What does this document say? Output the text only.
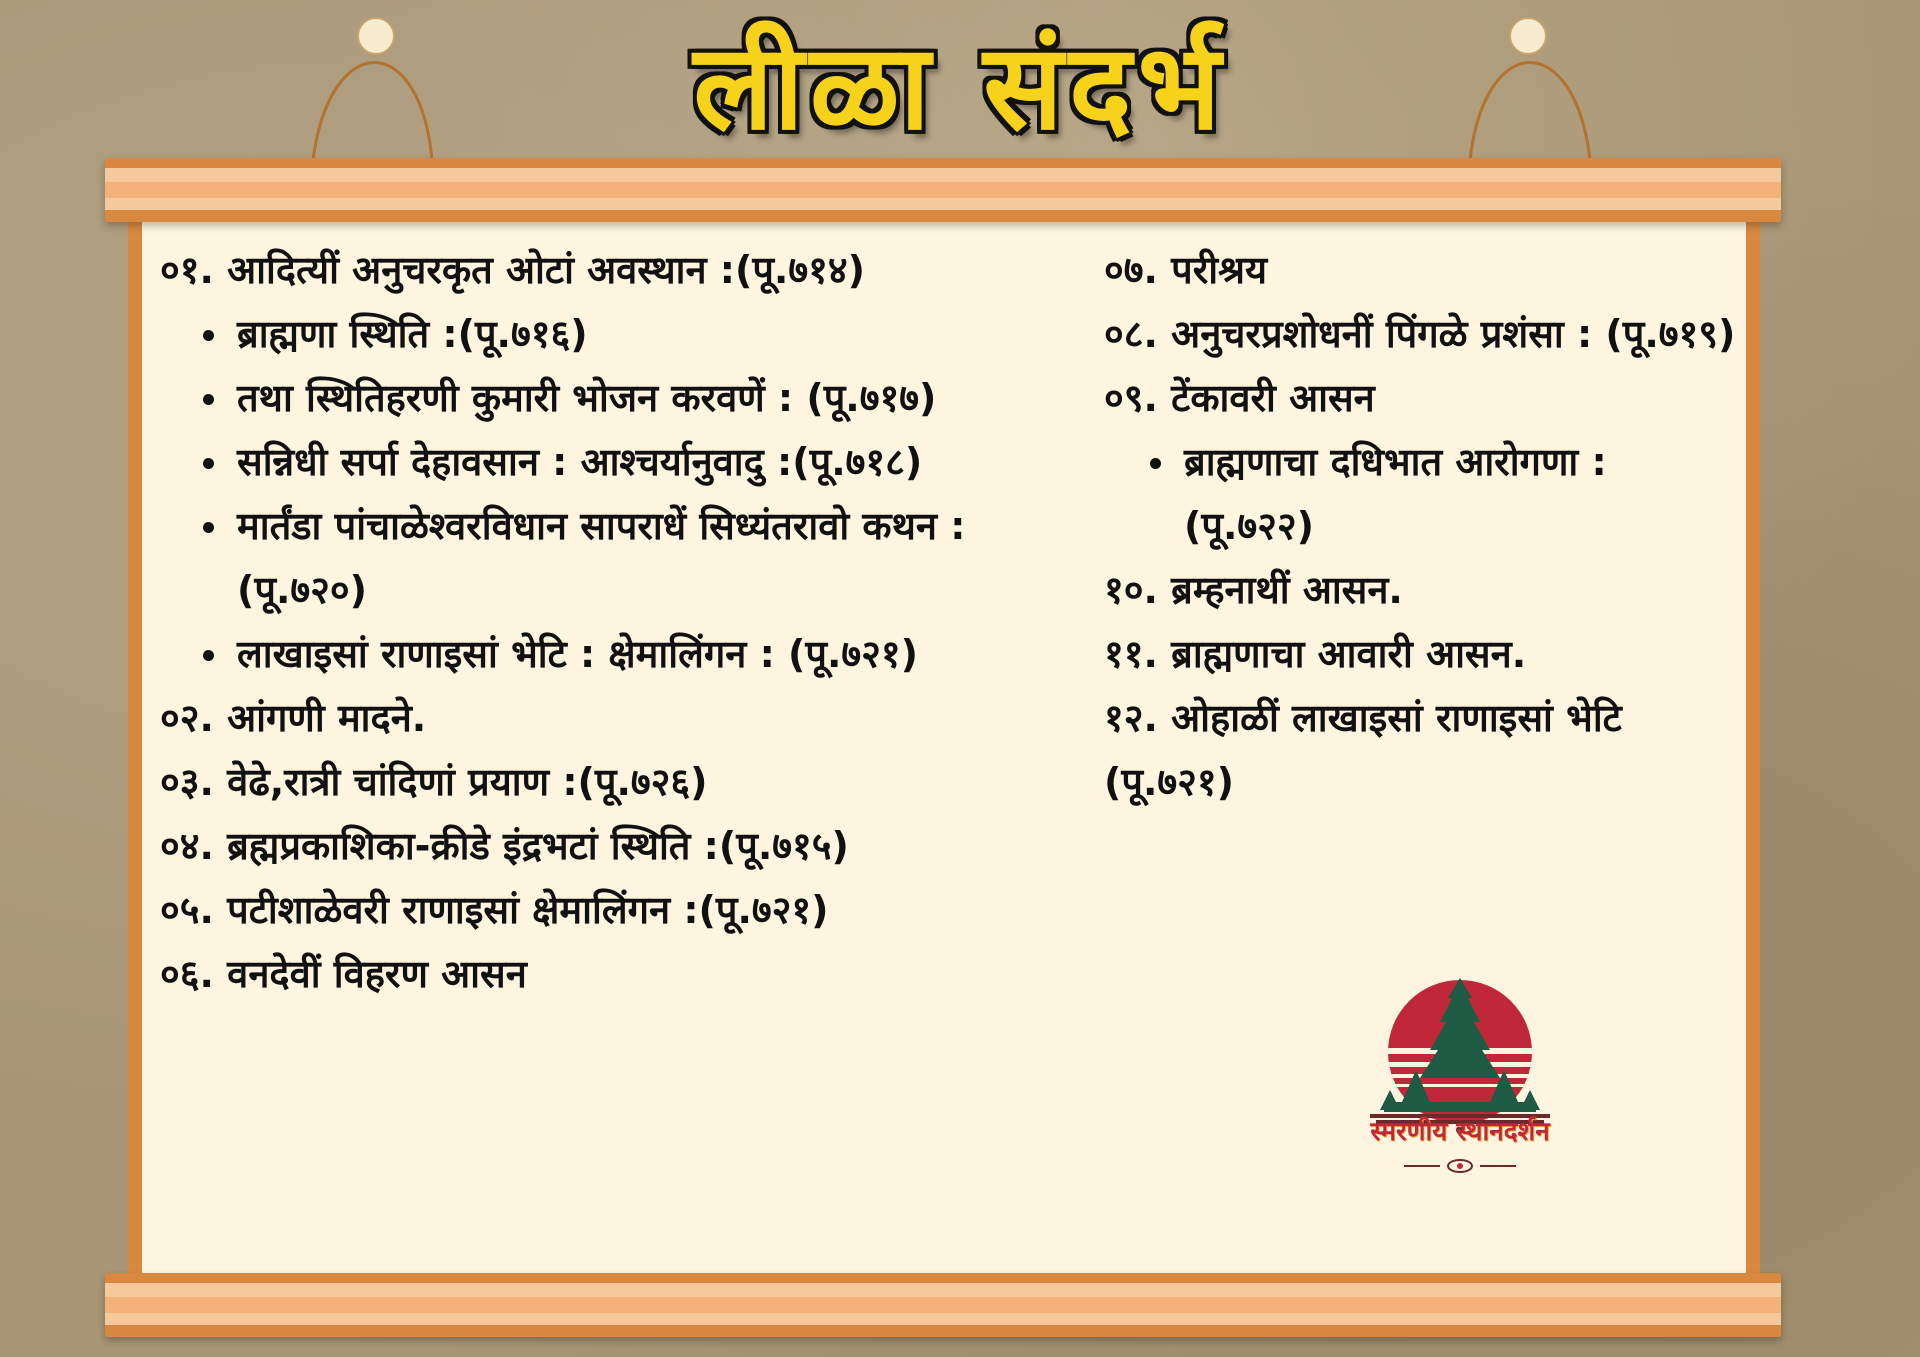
लीळा संदर्भ
०१. आदित्यीं अनुचरकृत ओटां अवस्थान :(पू.७१४)
ब्राह्मणा स्थिति :(पू.७१६)
तथा स्थितिहरणी कुमारी भोजन करवणें : (पू.७१७)
सन्निधी सर्पा देहावसान : आश्चर्यानुवादु :(पू.७१८)
मार्तंडा पांचाळेश्वरविधान सापराधें सिध्यंतरावो कथन :(पू.७२०)
लाखाइसां राणाइसां भेटि : क्षेमालिंगन : (पू.७२१)
०२. आंगणी मादने.
०३. वेढे,रात्री चांदिणां प्रयाण :(पू.७२६)
०४. ब्रह्मप्रकाशिका-क्रीडे इंद्रभटां स्थिति :(पू.७१५)
०५. पटीशाळेवरी राणाइसां क्षेमालिंगन :(पू.७२१)
०६. वनदेवीं विहरण आसन
०७. परीश्रय
०८. अनुचरप्रशोधनीं पिंगळे प्रशंसा : (पू.७१९)
०९. टेंकावरी आसन
ब्राह्मणाचा दधिभात आरोगणा : (पू.७२२)
१०. ब्रम्हनाथीं आसन.
११. ब्राह्मणाचा आवारी आसन.
१२. ओहाळीं लाखाइसां राणाइसां भेटि (पू.७२१)
स्मरणीय स्थानदर्शन
